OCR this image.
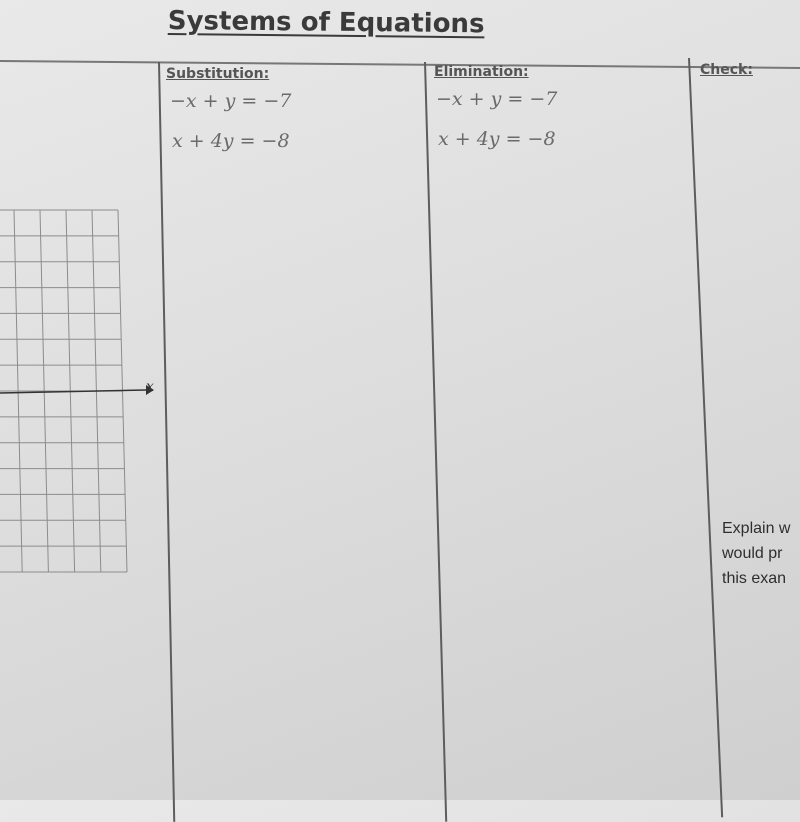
Systems of Equations
x
Substitution:
−x + y = −7
x + 4y = −8
Elimination:
−x + y = −7
x + 4y = −8
Check:
Explain w
would pr
this exan
